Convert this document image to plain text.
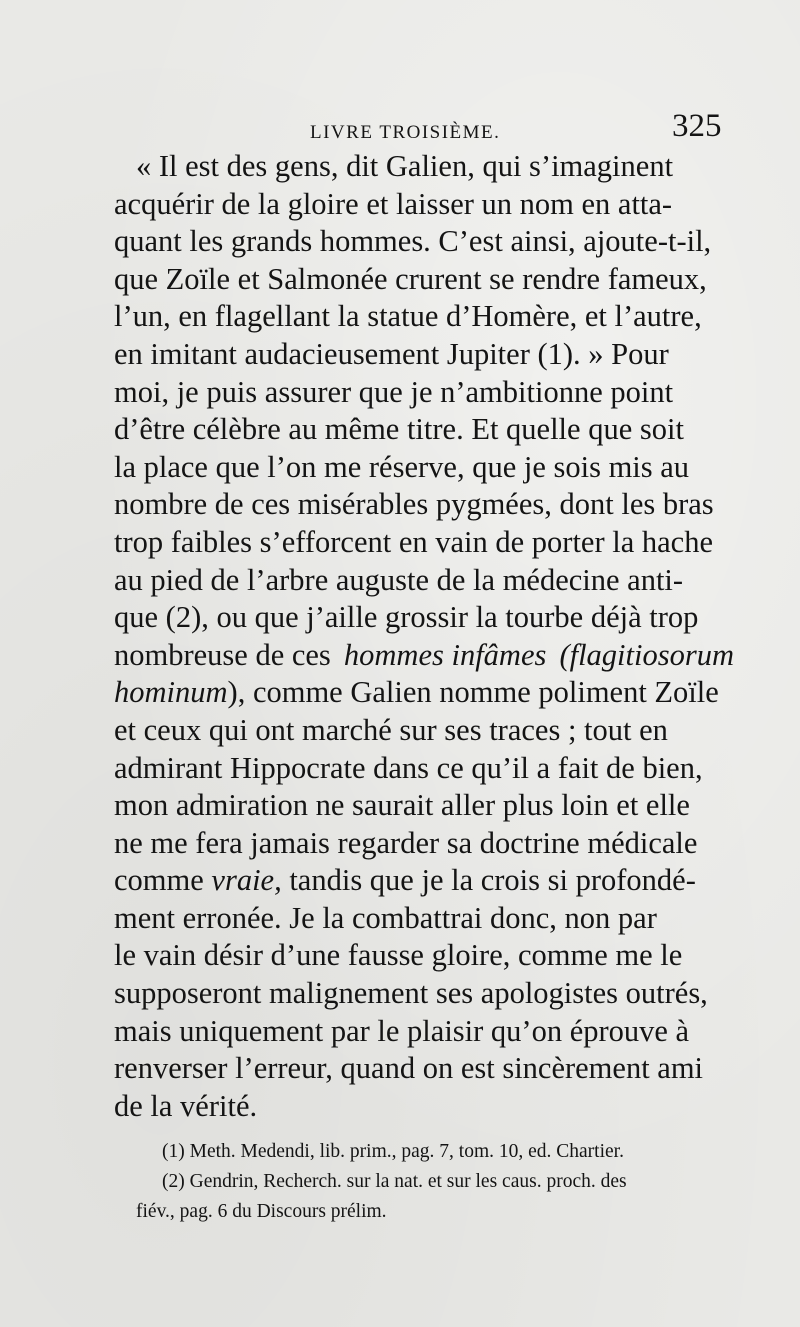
LIVRE TROISIÈME.	325
« Il est des gens, dit Galien, qui s’imaginent
acquérir de la gloire et laisser un nom en atta-
quant les grands hommes. C’est ainsi, ajoute-t-il,
que Zoïle et Salmonée crurent se rendre fameux,
l’un, en flagellant la statue d’Homère, et l’autre,
en imitant audacieusement Jupiter (1). » Pour
moi, je puis assurer que je n’ambitionne point
d’être célèbre au même titre. Et quelle que soit
la place que l’on me réserve, que je sois mis au
nombre de ces misérables pygmées, dont les bras
trop faibles s’efforcent en vain de porter la hache
au pied de l’arbre auguste de la médecine anti-
que (2), ou que j’aille grossir la tourbe déjà trop
nombreuse de ces hommes infâmes (flagitiosorum
hominum), comme Galien nomme poliment Zoïle
et ceux qui ont marché sur ses traces ; tout en
admirant Hippocrate dans ce qu’il a fait de bien,
mon admiration ne saurait aller plus loin et elle
ne me fera jamais regarder sa doctrine médicale
comme vraie, tandis que je la crois si profondé-
ment erronée. Je la combattrai donc, non par
le vain désir d’une fausse gloire, comme me le
supposeront malignement ses apologistes outrés,
mais uniquement par le plaisir qu’on éprouve à
renverser l’erreur, quand on est sincèrement ami
de la vérité.
(1) Meth. Medendi, lib. prim., pag. 7, tom. 10, ed. Chartier.
(2) Gendrin, Recherch. sur la nat. et sur les caus. proch. des
fiév., pag. 6 du Discours prélim.
